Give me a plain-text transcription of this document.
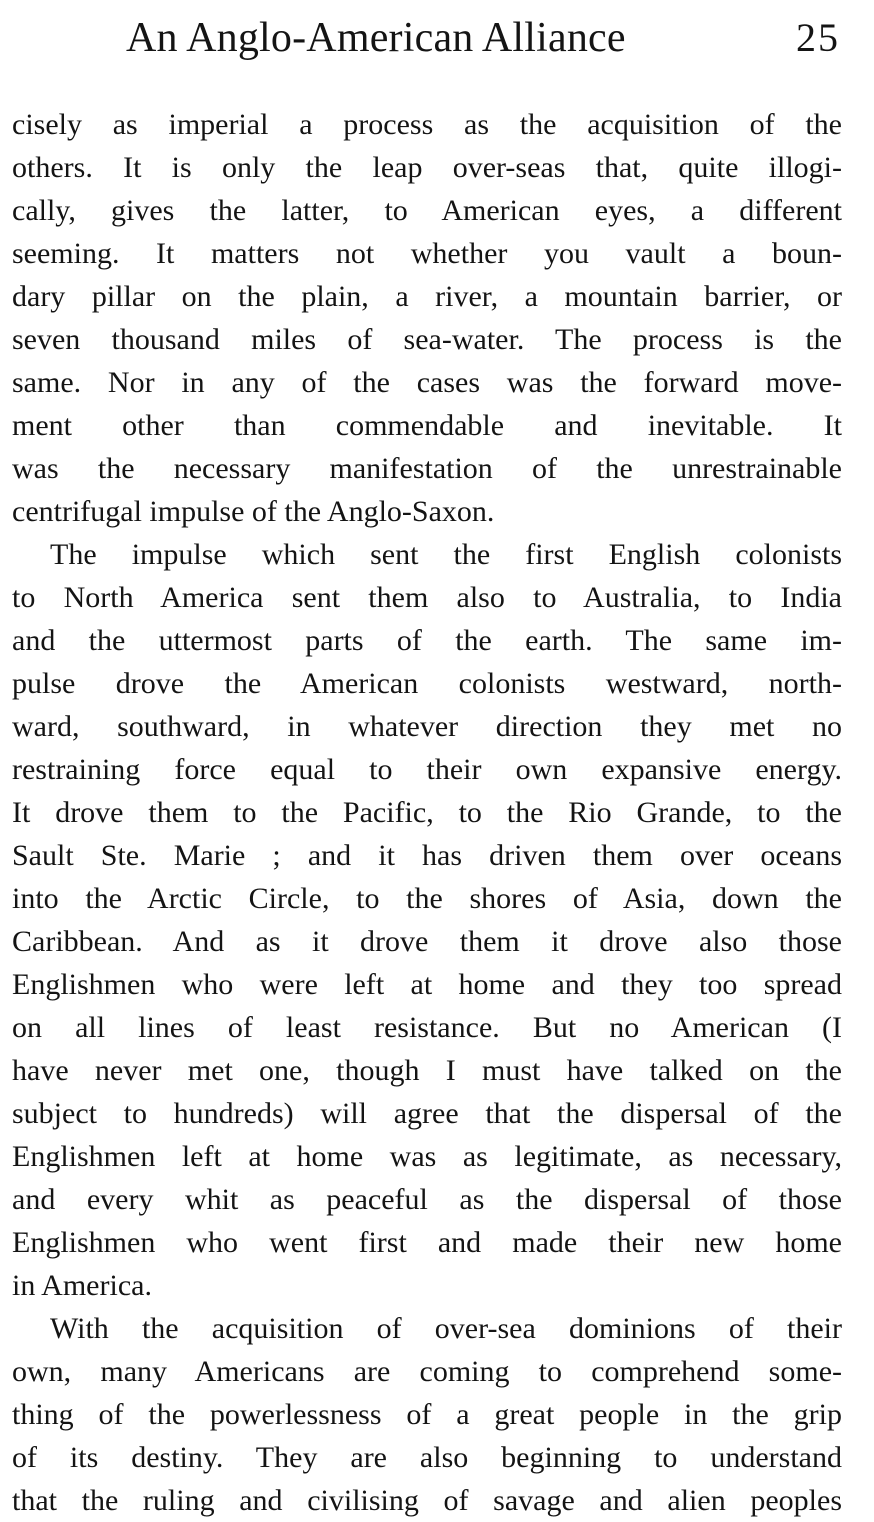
An Anglo-American Alliance	25
cisely as imperial a process as the acquisition of the
others. It is only the leap over-seas that, quite illogi-
cally, gives the latter, to American eyes, a different
seeming. It matters not whether you vault a boun-
dary pillar on the plain, a river, a mountain barrier, or
seven thousand miles of sea-water. The process is the
same. Nor in any of the cases was the forward move-
ment other than commendable and inevitable. It
was the necessary manifestation of the unrestrainable
centrifugal impulse of the Anglo-Saxon.
The impulse which sent the first English colonists
to North America sent them also to Australia, to India
and the uttermost parts of the earth. The same im-
pulse drove the American colonists westward, north-
ward, southward, in whatever direction they met no
restraining force equal to their own expansive energy.
It drove them to the Pacific, to the Rio Grande, to the
Sault Ste. Marie ; and it has driven them over oceans
into the Arctic Circle, to the shores of Asia, down the
Caribbean. And as it drove them it drove also those
Englishmen who were left at home and they too spread
on all lines of least resistance. But no American (I
have never met one, though I must have talked on the
subject to hundreds) will agree that the dispersal of the
Englishmen left at home was as legitimate, as necessary,
and every whit as peaceful as the dispersal of those
Englishmen who went first and made their new home
in America.
With the acquisition of over-sea dominions of their
own, many Americans are coming to comprehend some-
thing of the powerlessness of a great people in the grip
of its destiny. They are also beginning to understand
that the ruling and civilising of savage and alien peoples
